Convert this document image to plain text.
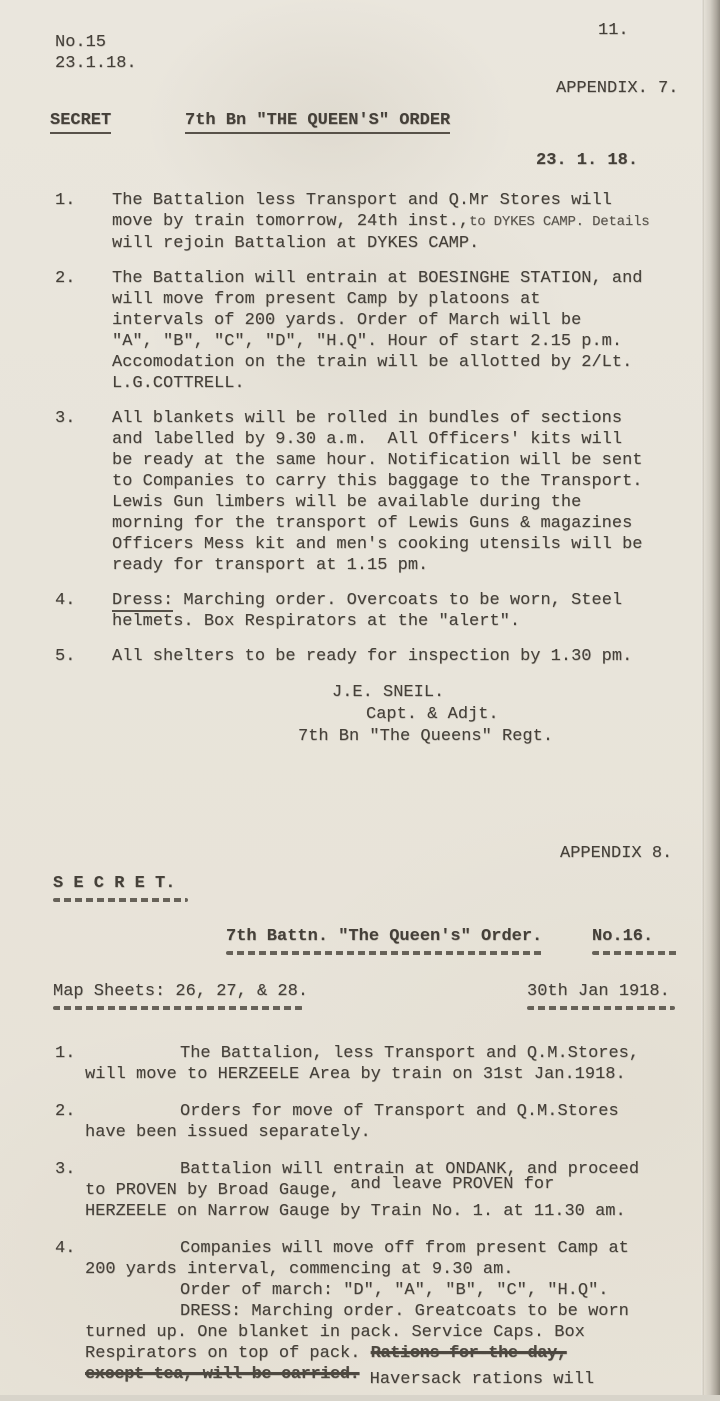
11.
No.15
23.1.18.
APPENDIX. 7.
SECRET	7th Bn "THE QUEEN'S" ORDER
23. 1. 18.
1.	The Battalion less Transport and Q.Mr Stores will
move by train tomorrow, 24th inst.,to DYKES CAMP. Details
will rejoin Battalion at DYKES CAMP.
2.	The Battalion will entrain at BOESINGHE STATION, and
will move from present Camp by platoons at
intervals of 200 yards. Order of March will be
"A", "B", "C", "D", "H.Q". Hour of start 2.15 p.m.
Accomodation on the train will be allotted by 2/Lt.
L.G.COTTRELL.
3.	All blankets will be rolled in bundles of sections
and labelled by 9.30 a.m.  All Officers' kits will
be ready at the same hour. Notification will be sent
to Companies to carry this baggage to the Transport.
Lewis Gun limbers will be available during the
morning for the transport of Lewis Guns & magazines
Officers Mess kit and men's cooking utensils will be
ready for transport at 1.15 pm.
4.	Dress: Marching order. Overcoats to be worn, Steel
helmets. Box Respirators at the "alert".
5.	All shelters to be ready for inspection by 1.30 pm.
J.E. SNEIL.
Capt. & Adjt.
7th Bn "The Queens" Regt.
APPENDIX 8.
S E C R E T.
7th Battn. "The Queen's" Order.	No.16.
Map Sheets: 26, 27, & 28.	30th Jan 1918.
1.	The Battalion, less Transport and Q.M.Stores,
will move to HERZEELE Area by train on 31st Jan.1918.
2.	Orders for move of Transport and Q.M.Stores
have been issued separately.
3.	Battalion will entrain at ONDANK, and proceed
to PROVEN by Broad Gauge, and leave PROVEN for
HERZEELE on Narrow Gauge by Train No. 1. at 11.30 am.
4.	Companies will move off from present Camp at
200 yards interval, commencing at 9.30 am.
Order of march: "D", "A", "B", "C", "H.Q".
DRESS: Marching order. Greatcoats to be worn
turned up. One blanket in pack. Service Caps. Box
Respirators on top of pack. Rations-for-the-day,
except-tea,-will-be-carried. Haversack rations will
